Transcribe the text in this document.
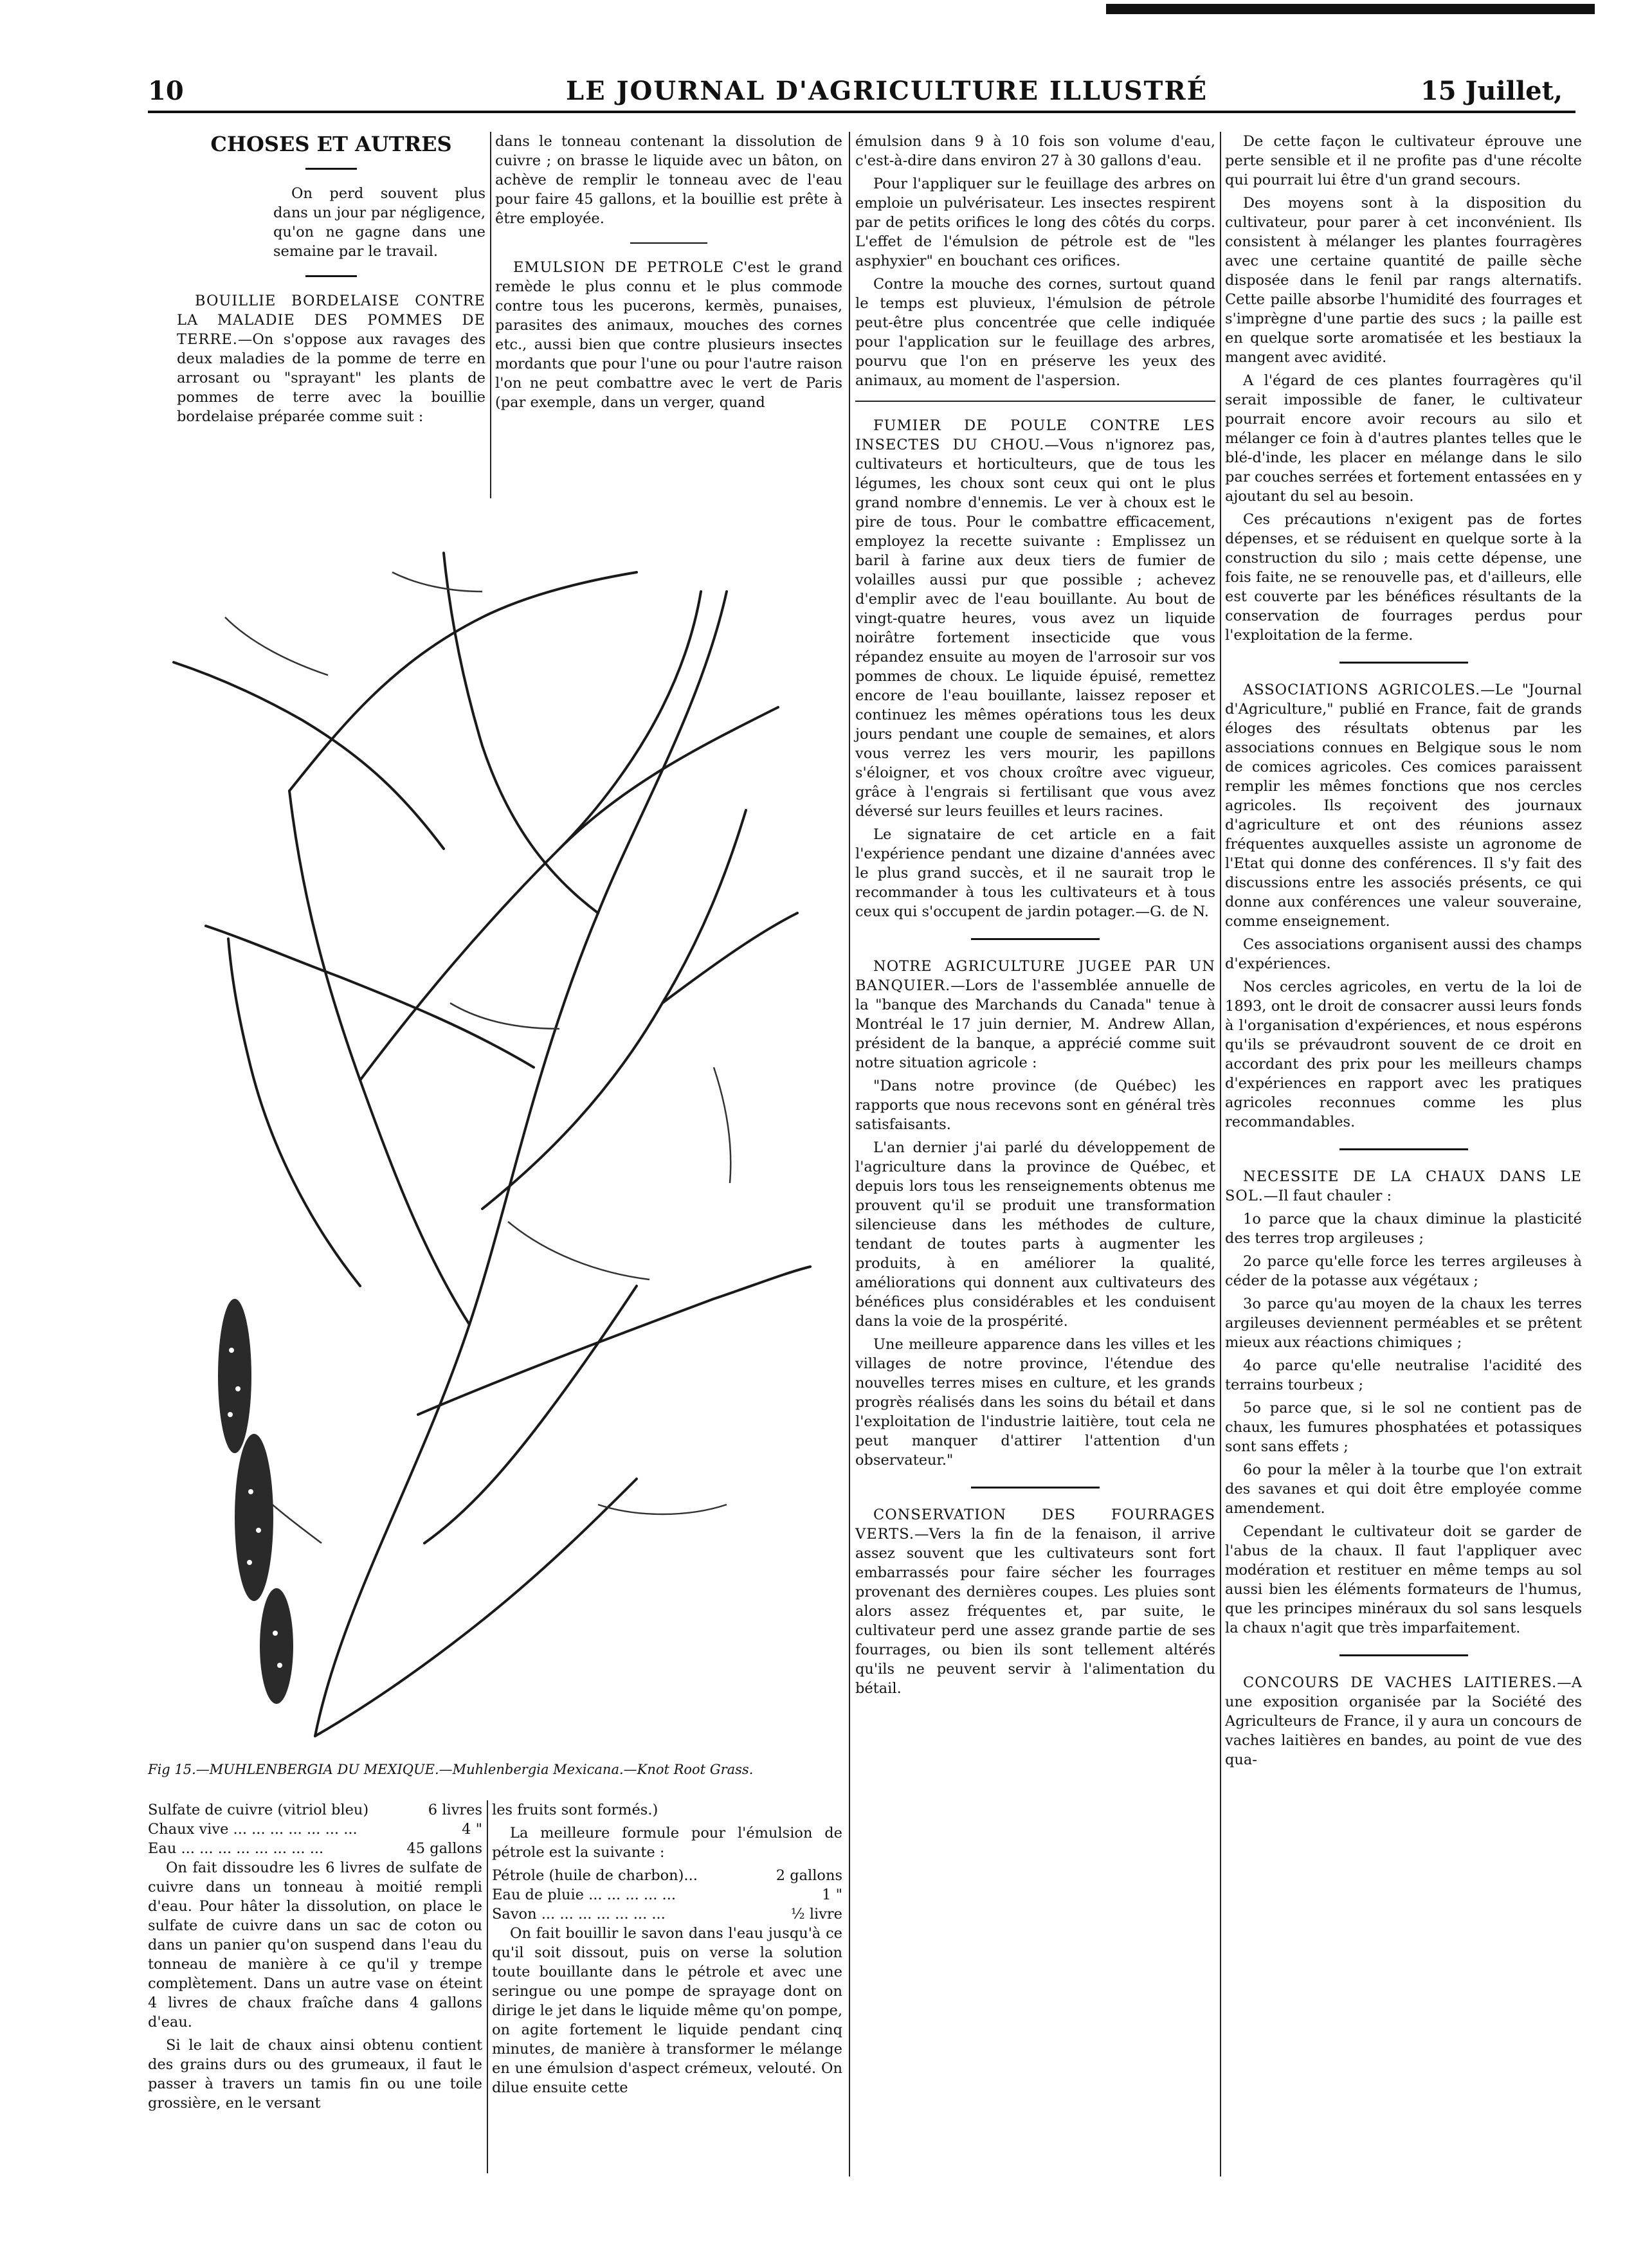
10	LE JOURNAL D'AGRICULTURE ILLUSTRÉ	15 Juillet,
CHOSES ET AUTRES

On perd souvent plus dans un jour par négligence, qu'on ne gagne dans une semaine par le travail.

BOUILLIE BORDELAISE CONTRE LA MALADIE DES POMMES DE TERRE.—On s'oppose aux ravages des deux maladies de la pomme de terre en arrosant ou "sprayant" les plants de pommes de terre avec la bouillie bordelaise préparée comme suit :

dans le tonneau contenant la dissolution de cuivre ; on brasse le liquide avec un bâton, on achève de remplir le tonneau avec de l'eau pour faire 45 gallons, et la bouillie est prête à être employée.

EMULSION DE PETROLE C'est le grand remède le plus connu et le plus commode contre tous les pucerons, kermès, punaises, parasites des animaux, mouches des cornes etc., aussi bien que contre plusieurs insectes mordants que pour l'une ou pour l'autre raison l'on ne peut combattre avec le vert de Paris (par exemple, dans un verger, quand

Fig 15.—MUHLENBERGIA DU MEXIQUE.—Muhlenbergia Mexicana.—Knot Root Grass.
Sulfate de cuivre (vitriol bleu)	6 livres
Chaux vive ... ... ... ... ... ... ...	4 "
Eau ... ... ... ... ... ... ... ...	45 gallons

On fait dissoudre les 6 livres de sulfate de cuivre dans un tonneau à moitié rempli d'eau. Pour hâter la dissolution, on place le sulfate de cuivre dans un sac de coton ou dans un panier qu'on suspend dans l'eau du tonneau de manière à ce qu'il y trempe complètement. Dans un autre vase on éteint 4 livres de chaux fraîche dans 4 gallons d'eau.

Si le lait de chaux ainsi obtenu contient des grains durs ou des grumeaux, il faut le passer à travers un tamis fin ou une toile grossière, en le versant

les fruits sont formés.)

La meilleure formule pour l'émulsion de pétrole est la suivante :

Pétrole (huile de charbon)...	2 gallons
Eau de pluie ... ... ... ... ...	1 "
Savon ... ... ... ... ... ... ...	½ livre

On fait bouillir le savon dans l'eau jusqu'à ce qu'il soit dissout, puis on verse la solution toute bouillante dans le pétrole et avec une seringue ou une pompe de sprayage dont on dirige le jet dans le liquide même qu'on pompe, on agite fortement le liquide pendant cinq minutes, de manière à transformer le mélange en une émulsion d'aspect crémeux, velouté. On dilue ensuite cette

émulsion dans 9 à 10 fois son volume d'eau, c'est-à-dire dans environ 27 à 30 gallons d'eau.

Pour l'appliquer sur le feuillage des arbres on emploie un pulvérisateur. Les insectes respirent par de petits orifices le long des côtés du corps. L'effet de l'émulsion de pétrole est de "les asphyxier" en bouchant ces orifices.

Contre la mouche des cornes, surtout quand le temps est pluvieux, l'émulsion de pétrole peut-être plus concentrée que celle indiquée pour l'application sur le feuillage des arbres, pourvu que l'on en préserve les yeux des animaux, au moment de l'aspersion.

FUMIER DE POULE CONTRE LES INSECTES DU CHOU.—Vous n'ignorez pas, cultivateurs et horticulteurs, que de tous les légumes, les choux sont ceux qui ont le plus grand nombre d'ennemis. Le ver à choux est le pire de tous. Pour le combattre efficacement, employez la recette suivante : Emplissez un baril à farine aux deux tiers de fumier de volailles aussi pur que possible ; achevez d'emplir avec de l'eau bouillante. Au bout de vingt-quatre heures, vous avez un liquide noirâtre fortement insecticide que vous répandez ensuite au moyen de l'arrosoir sur vos pommes de choux. Le liquide épuisé, remettez encore de l'eau bouillante, laissez reposer et continuez les mêmes opérations tous les deux jours pendant une couple de semaines, et alors vous verrez les vers mourir, les papillons s'éloigner, et vos choux croître avec vigueur, grâce à l'engrais si fertilisant que vous avez déversé sur leurs feuilles et leurs racines.

Le signataire de cet article en a fait l'expérience pendant une dizaine d'années avec le plus grand succès, et il ne saurait trop le recommander à tous les cultivateurs et à tous ceux qui s'occupent de jardin potager.—G. de N.

NOTRE AGRICULTURE JUGEE PAR UN BANQUIER.—Lors de l'assemblée annuelle de la "banque des Marchands du Canada" tenue à Montréal le 17 juin dernier, M. Andrew Allan, président de la banque, a apprécié comme suit notre situation agricole :

"Dans notre province (de Québec) les rapports que nous recevons sont en général très satisfaisants.

L'an dernier j'ai parlé du développement de l'agriculture dans la province de Québec, et depuis lors tous les renseignements obtenus me prouvent qu'il se produit une transformation silencieuse dans les méthodes de culture, tendant de toutes parts à augmenter les produits, à en améliorer la qualité, améliorations qui donnent aux cultivateurs des bénéfices plus considérables et les conduisent dans la voie de la prospérité.

Une meilleure apparence dans les villes et les villages de notre province, l'étendue des nouvelles terres mises en culture, et les grands progrès réalisés dans les soins du bétail et dans l'exploitation de l'industrie laitière, tout cela ne peut manquer d'attirer l'attention d'un observateur."

CONSERVATION DES FOURRAGES VERTS.—Vers la fin de la fenaison, il arrive assez souvent que les cultivateurs sont fort embarrassés pour faire sécher les fourrages provenant des dernières coupes. Les pluies sont alors assez fréquentes et, par suite, le cultivateur perd une assez grande partie de ses fourrages, ou bien ils sont tellement altérés qu'ils ne peuvent servir à l'alimentation du bétail.

De cette façon le cultivateur éprouve une perte sensible et il ne profite pas d'une récolte qui pourrait lui être d'un grand secours.

Des moyens sont à la disposition du cultivateur, pour parer à cet inconvénient. Ils consistent à mélanger les plantes fourragères avec une certaine quantité de paille sèche disposée dans le fenil par rangs alternatifs. Cette paille absorbe l'humidité des fourrages et s'imprègne d'une partie des sucs ; la paille est en quelque sorte aromatisée et les bestiaux la mangent avec avidité.

A l'égard de ces plantes fourragères qu'il serait impossible de faner, le cultivateur pourrait encore avoir recours au silo et mélanger ce foin à d'autres plantes telles que le blé-d'inde, les placer en mélange dans le silo par couches serrées et fortement entassées en y ajoutant du sel au besoin.

Ces précautions n'exigent pas de fortes dépenses, et se réduisent en quelque sorte à la construction du silo ; mais cette dépense, une fois faite, ne se renouvelle pas, et d'ailleurs, elle est couverte par les bénéfices résultants de la conservation de fourrages perdus pour l'exploitation de la ferme.

ASSOCIATIONS AGRICOLES.—Le "Journal d'Agriculture," publié en France, fait de grands éloges des résultats obtenus par les associations connues en Belgique sous le nom de comices agricoles. Ces comices paraissent remplir les mêmes fonctions que nos cercles agricoles. Ils reçoivent des journaux d'agriculture et ont des réunions assez fréquentes auxquelles assiste un agronome de l'Etat qui donne des conférences. Il s'y fait des discussions entre les associés présents, ce qui donne aux conférences une valeur souveraine, comme enseignement.

Ces associations organisent aussi des champs d'expériences.

Nos cercles agricoles, en vertu de la loi de 1893, ont le droit de consacrer aussi leurs fonds à l'organisation d'expériences, et nous espérons qu'ils se prévaudront souvent de ce droit en accordant des prix pour les meilleurs champs d'expériences en rapport avec les pratiques agricoles reconnues comme les plus recommandables.

NECESSITE DE LA CHAUX DANS LE SOL.—Il faut chauler :

1o parce que la chaux diminue la plasticité des terres trop argileuses ;

2o parce qu'elle force les terres argileuses à céder de la potasse aux végétaux ;

3o parce qu'au moyen de la chaux les terres argileuses deviennent perméables et se prêtent mieux aux réactions chimiques ;

4o parce qu'elle neutralise l'acidité des terrains tourbeux ;

5o parce que, si le sol ne contient pas de chaux, les fumures phosphatées et potassiques sont sans effets ;

6o pour la mêler à la tourbe que l'on extrait des savanes et qui doit être employée comme amendement.

Cependant le cultivateur doit se garder de l'abus de la chaux. Il faut l'appliquer avec modération et restituer en même temps au sol aussi bien les éléments formateurs de l'humus, que les principes minéraux du sol sans lesquels la chaux n'agit que très imparfaitement.

CONCOURS DE VACHES LAITIERES.—A une exposition organisée par la Société des Agriculteurs de France, il y aura un concours de vaches laitières en bandes, au point de vue des qua-
